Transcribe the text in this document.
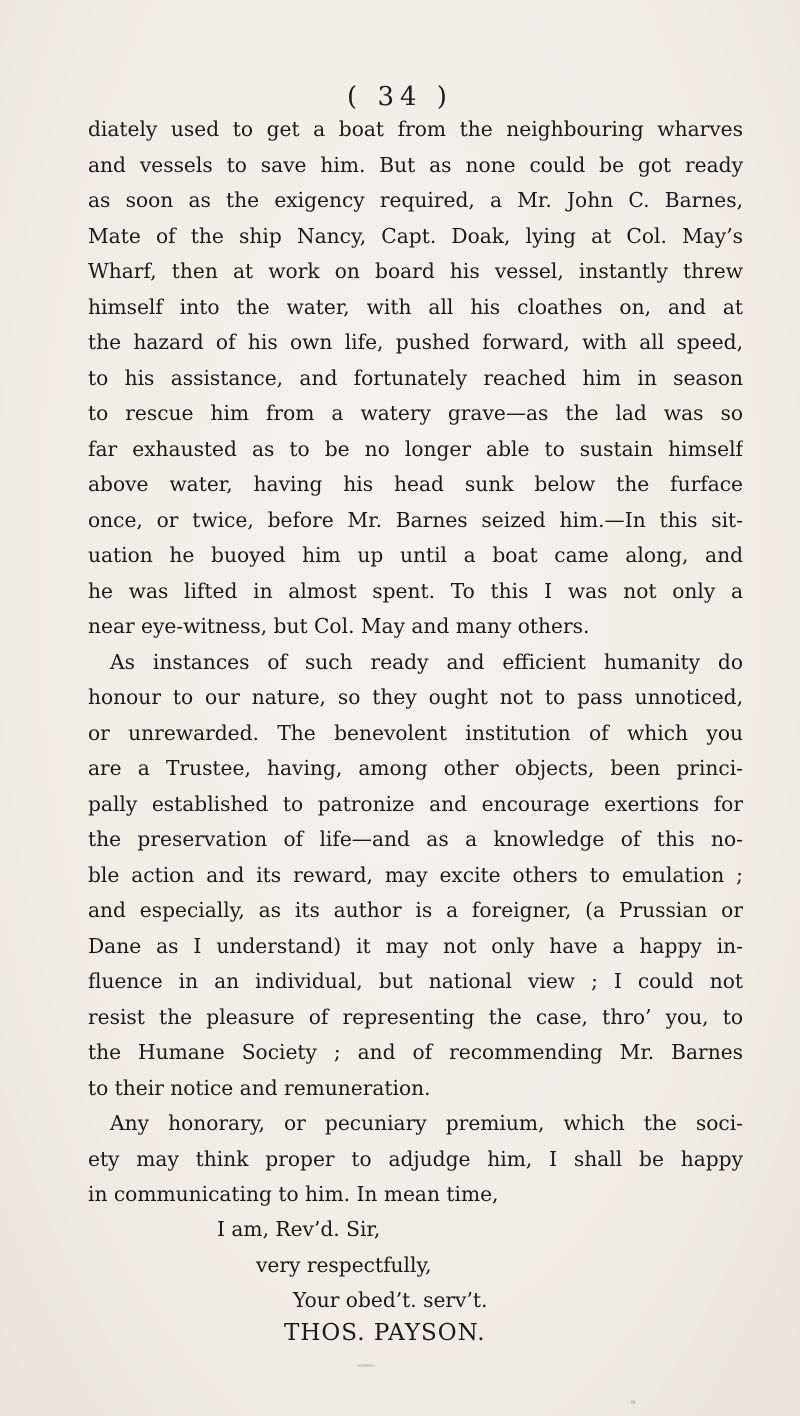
( 34 )
diately used to get a boat from the neighbouring wharves
and vessels to save him. But as none could be got ready
as soon as the exigency required, a Mr. John C. Barnes,
Mate of the ship Nancy, Capt. Doak, lying at Col. May’s
Wharf, then at work on board his vessel, instantly threw
himself into the water, with all his cloathes on, and at
the hazard of his own life, pushed forward, with all speed,
to his assistance, and fortunately reached him in season
to rescue him from a watery grave—as the lad was so
far exhausted as to be no longer able to sustain himself
above water, having his head sunk below the furface
once, or twice, before Mr. Barnes seized him.—In this sit-
uation he buoyed him up until a boat came along, and
he was lifted in almost spent. To this I was not only a
near eye-witness, but Col. May and many others.
As instances of such ready and efficient humanity do
honour to our nature, so they ought not to pass unnoticed,
or unrewarded. The benevolent institution of which you
are a Trustee, having, among other objects, been princi-
pally established to patronize and encourage exertions for
the preservation of life—and as a knowledge of this no-
ble action and its reward, may excite others to emulation ;
and especially, as its author is a foreigner, (a Prussian or
Dane as I understand) it may not only have a happy in-
fluence in an individual, but national view ; I could not
resist the pleasure of representing the case, thro’ you, to
the Humane Society ; and of recommending Mr. Barnes
to their notice and remuneration.
Any honorary, or pecuniary premium, which the soci-
ety may think proper to adjudge him, I shall be happy
in communicating to him. In mean time,
I am, Rev’d. Sir,
very respectfully,
Your obed’t. serv’t.
THOS. PAYSON.
